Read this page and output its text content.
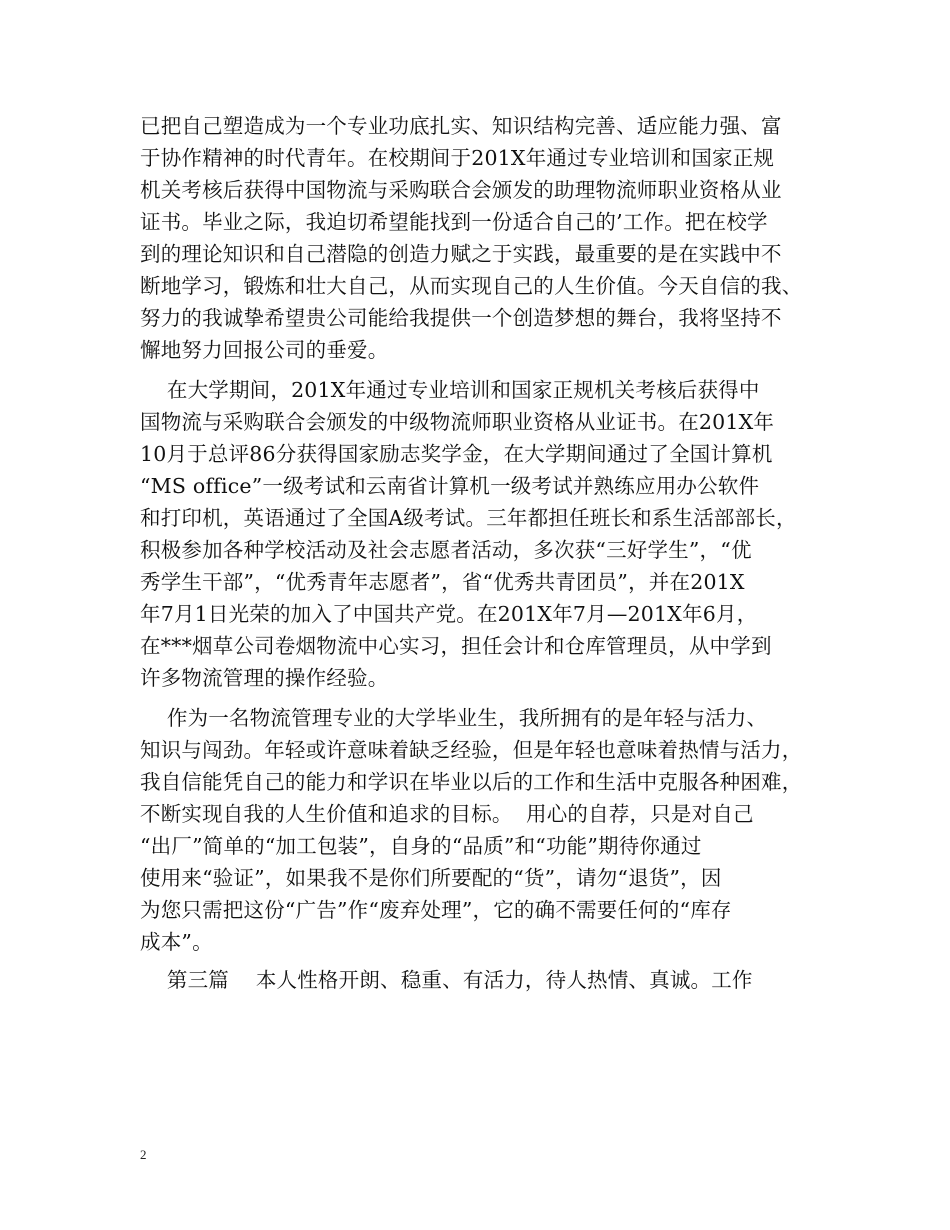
已把自己塑造成为一个专业功底扎实、知识结构完善、适应能力强、富
于协作精神的时代青年。在校期间于201X年通过专业培训和国家正规
机关考核后获得中国物流与采购联合会颁发的助理物流师职业资格从业
证书。毕业之际，我迫切希望能找到一份适合自己的’工作。把在校学
到的理论知识和自己潜隐的创造力赋之于实践，最重要的是在实践中不
断地学习，锻炼和壮大自己，从而实现自己的人生价值。今天自信的我、
努力的我诚挚希望贵公司能给我提供一个创造梦想的舞台，我将坚持不
懈地努力回报公司的垂爱。
在大学期间，201X年通过专业培训和国家正规机关考核后获得中
国物流与采购联合会颁发的中级物流师职业资格从业证书。在201X年
10月于总评86分获得国家励志奖学金，在大学期间通过了全国计算机
“MS office”一级考试和云南省计算机一级考试并熟练应用办公软件
和打印机，英语通过了全国A级考试。三年都担任班长和系生活部部长，
积极参加各种学校活动及社会志愿者活动，多次获“三好学生”，“优
秀学生干部”，“优秀青年志愿者”，省“优秀共青团员”，并在201X
年7月1日光荣的加入了中国共产党。在201X年7月—201X年6月，
在***烟草公司卷烟物流中心实习，担任会计和仓库管理员，从中学到
许多物流管理的操作经验。
作为一名物流管理专业的大学毕业生，我所拥有的是年轻与活力、
知识与闯劲。年轻或许意味着缺乏经验，但是年轻也意味着热情与活力，
我自信能凭自己的能力和学识在毕业以后的工作和生活中克服各种困难，
不断实现自我的人生价值和追求的目标。  用心的自荐，只是对自己
“出厂”简单的“加工包装”，自身的“品质”和“功能”期待你通过
使用来“验证”，如果我不是你们所要配的“货”，请勿“退货”，因
为您只需把这份“广告”作“废弃处理”，它的确不需要任何的“库存
成本”。
第三篇    本人性格开朗、稳重、有活力，待人热情、真诚。工作
2
